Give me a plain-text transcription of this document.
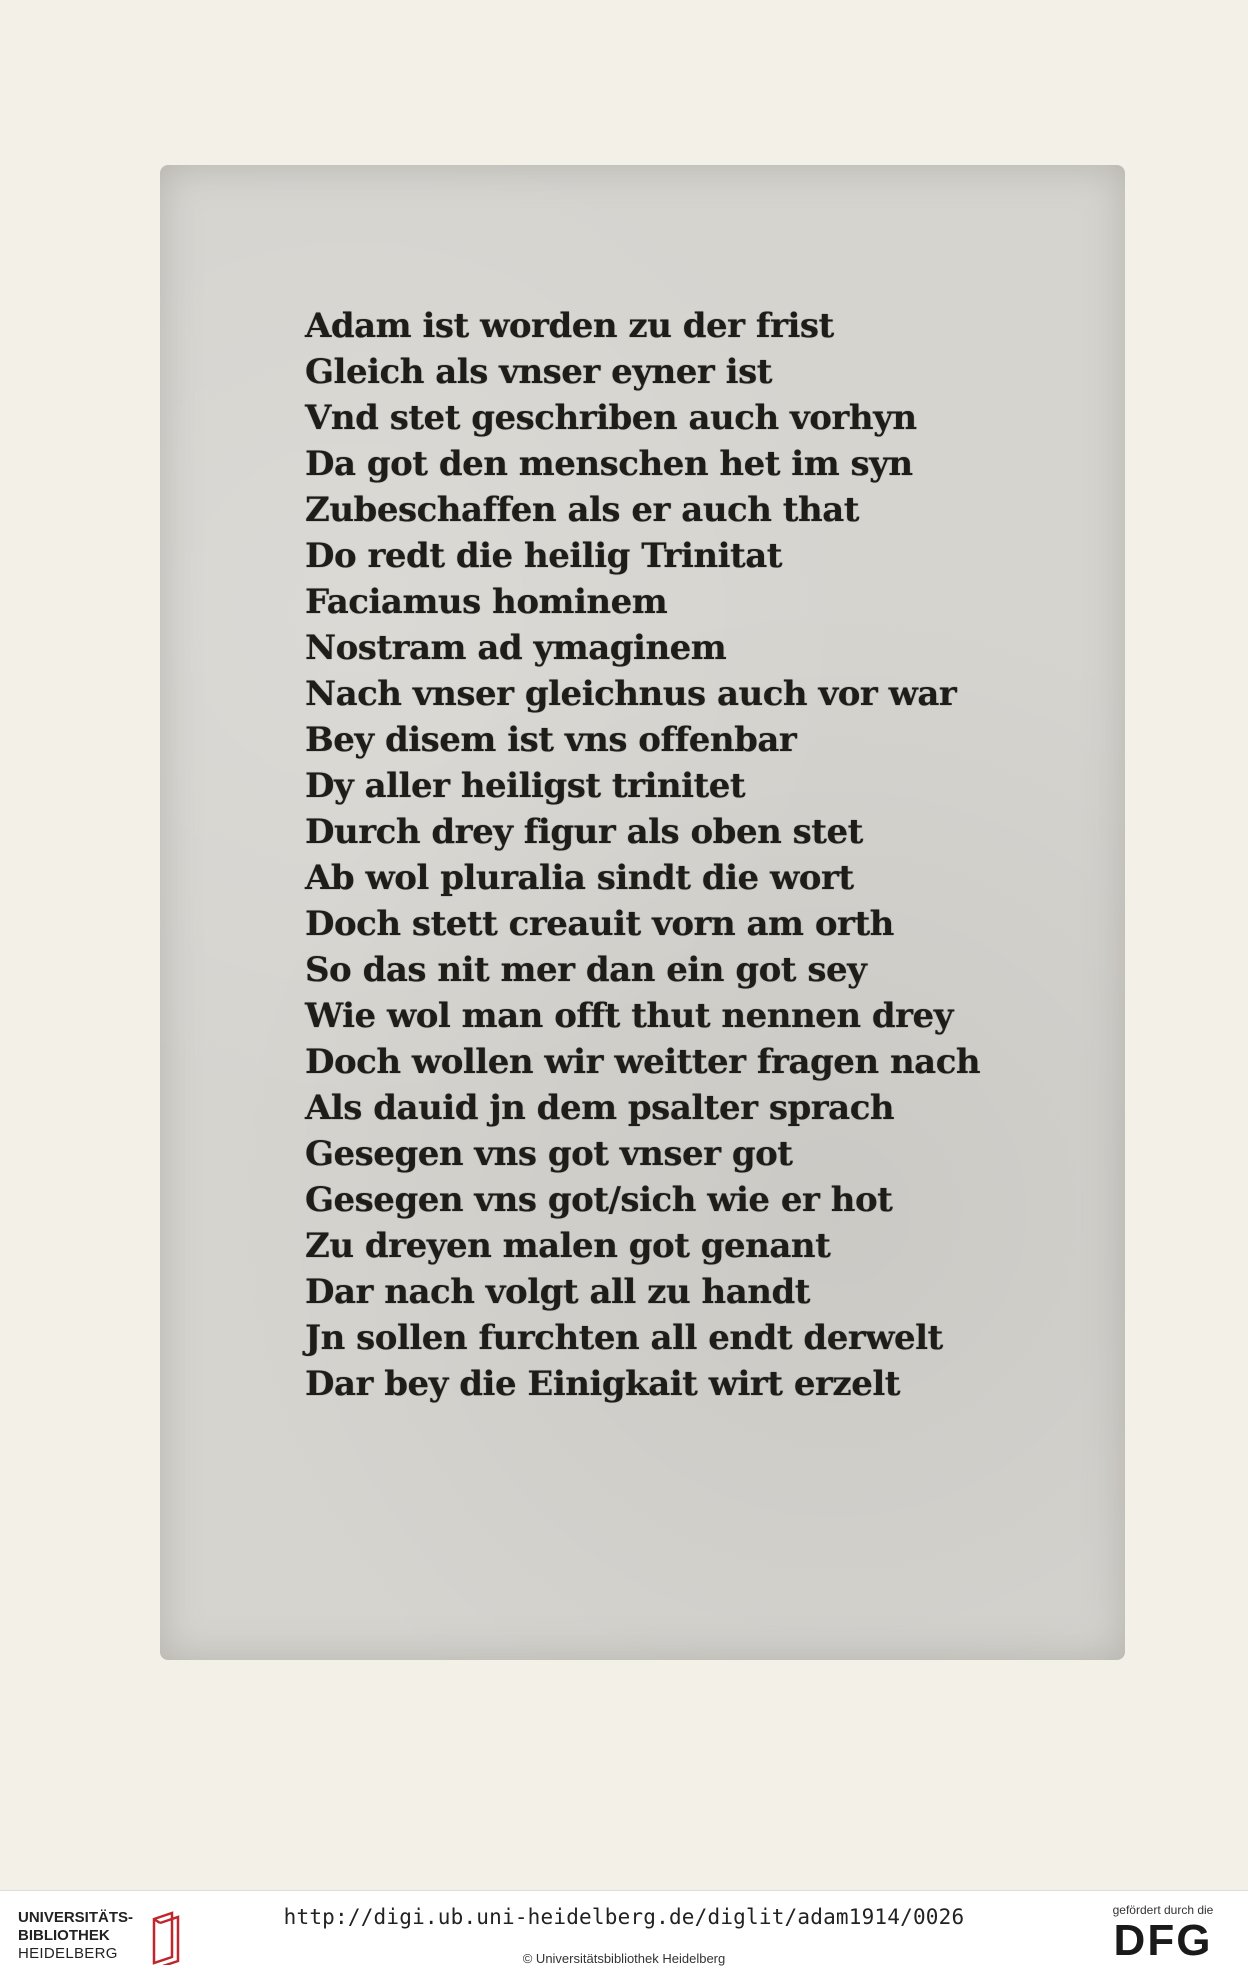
Adam ist worden zu der frist
Gleich als vnser eyner ist
Vnd stet geschriben auch vorhyn
Da got den menschen het im syn
Zubeschaffen als er auch that
Do redt die heilig Trinitat
Faciamus hominem
Nostram ad ymaginem
Nach vnser gleichnus auch vor war
Bey disem ist vns offenbar
Dy aller heiligst trinitet
Durch drey figur als oben stet
Ab wol pluralia sindt die wort
Doch stett creauit vorn am orth
So das nit mer dan ein got sey
Wie wol man offt thut nennen drey
Doch wollen wir weitter fragen nach
Als dauid jn dem psalter sprach
Gesegen vns got vnser got
Gesegen vns got/sich wie er hot
Zu dreyen malen got genant
Dar nach volgt all zu handt
Jn sollen furchten all endt derwelt
Dar bey die Einigkait wirt erzelt
UNIVERSITÄTS-
BIBLIOTHEK
HEIDELBERG
http://digi.ub.uni-heidelberg.de/diglit/adam1914/0026
© Universitätsbibliothek Heidelberg
gefördert durch die
DFG
